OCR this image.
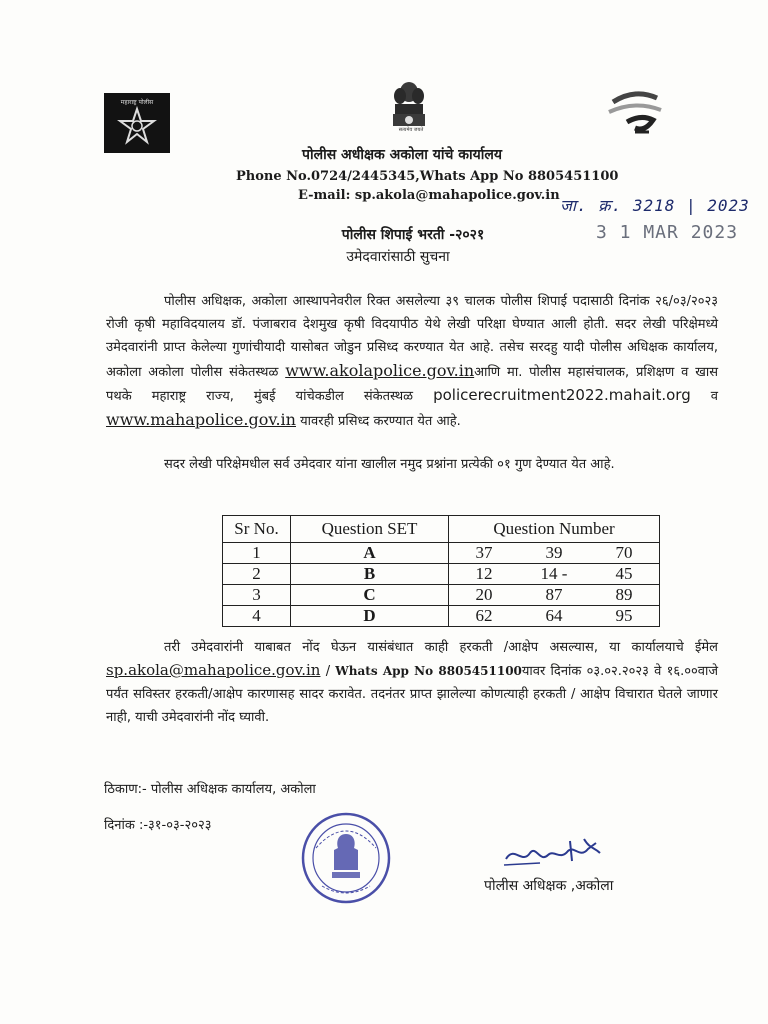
महाराष्ट्र पोलीस
सत्यमेव जयते
पोलीस अधीक्षक अकोला यांचे कार्यालय
Phone No.0724/2445345,Whats App No 8805451100
E-mail: sp.akola@mahapolice.gov.in
जा. क्र. 3218 | 2023
3 1 MAR 2023
पोलीस शिपाई भरती -२०२१
उमेदवारांसाठी सुचना
पोलीस अधिक्षक, अकोला आस्थापनेवरील रिक्त असलेल्या ३९ चालक पोलीस शिपाई पदासाठी दिनांक २६/०३/२०२३ रोजी कृषी महाविदयालय डॉ. पंजाबराव देशमुख कृषी विदयापीठ येथे लेखी परिक्षा घेण्यात आली होती. सदर लेखी परिक्षेमध्ये उमेदवारांनी प्राप्त केलेल्या गुणांचीयादी यासोबत जोडुन प्रसिध्द करण्यात येत आहे. तसेच सरदहु यादी पोलीस अधिक्षक कार्यालय, अकोला अकोला पोलीस संकेतस्थळ www.akolapolice.gov.inआणि मा. पोलीस महासंचालक, प्रशिक्षण व खास पथके महाराष्ट्र राज्य, मुंबई यांचेकडील संकेतस्थळ policerecruitment2022.mahait.org व www.mahapolice.gov.in यावरही प्रसिध्द करण्यात येत आहे.
सदर लेखी परिक्षेमधील सर्व उमेदवार यांना खालील नमुद प्रश्नांना प्रत्येकी ०१ गुण देण्यात येत आहे.
Sr No.	Question SET	Question Number		
1	A	37	39	70
2	B	12	14 -	45
3	C	20	87	89
4	D	62	64	95
तरी उमेदवारांनी याबाबत नोंद घेऊन यासंबंधात काही हरकती /आक्षेप असल्यास, या कार्यालयाचे ईमेल sp.akola@mahapolice.gov.in / Whats App No 8805451100यावर दिनांक ०३.०२.२०२३ वे १६.००वाजे पर्यंत सविस्तर हरकती/आक्षेप कारणासह सादर करावेत. तदनंतर प्राप्त झालेल्या कोणत्याही हरकती / आक्षेप विचारात घेतले जाणार नाही, याची उमेदवारांनी नोंद घ्यावी.
ठिकाण:- पोलीस अधिक्षक कार्यालय, अकोला
दिनांक :-३१-०३-२०२३
पोलीस अधिक्षक ,अकोला
